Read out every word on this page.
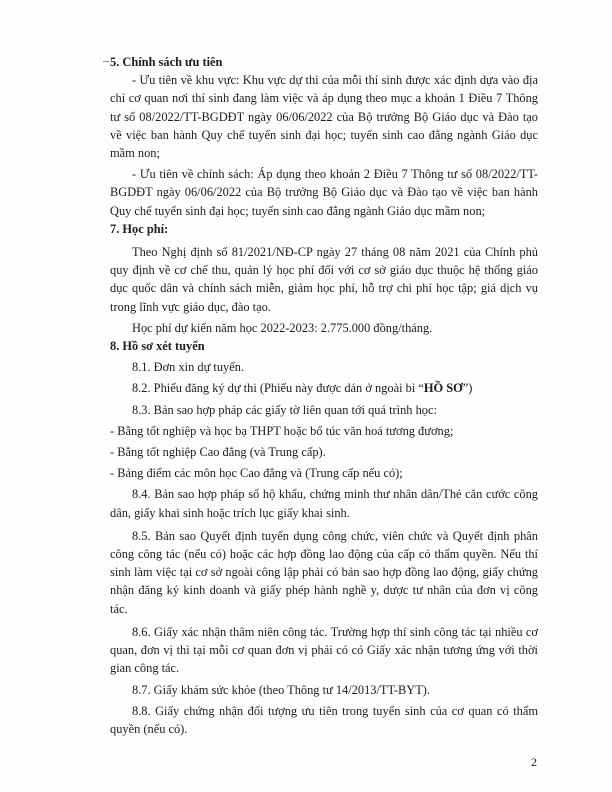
5. Chính sách ưu tiên

- Ưu tiên về khu vực: Khu vực dự thi của mỗi thí sinh được xác định dựa vào địa chỉ cơ quan nơi thí sinh đang làm việc và áp dụng theo mục a khoản 1 Điều 7 Thông tư số 08/2022/TT-BGDĐT ngày 06/06/2022 của Bộ trưởng Bộ Giáo dục và Đào tạo về việc ban hành Quy chế tuyển sinh đại học; tuyển sinh cao đẳng ngành Giáo dục mầm non;

- Ưu tiên về chính sách: Áp dụng theo khoản 2 Điều 7 Thông tư số 08/2022/TT-BGDĐT ngày 06/06/2022 của Bộ trưởng Bộ Giáo dục và Đào tạo về việc ban hành Quy chế tuyển sinh đại học; tuyển sinh cao đẳng ngành Giáo dục mầm non;

7. Học phí:

Theo Nghị định số 81/2021/NĐ-CP ngày 27 tháng 08 năm 2021 của Chính phủ quy định về cơ chế thu, quản lý học phí đối với cơ sở giáo dục thuộc hệ thống giáo dục quốc dân và chính sách miễn, giảm học phí, hỗ trợ chi phí học tập; giá dịch vụ trong lĩnh vực giáo dục, đào tạo.

Học phí dự kiến năm học 2022-2023: 2.775.000 đồng/tháng.

8. Hồ sơ xét tuyển

8.1. Đơn xin dự tuyển.

8.2. Phiếu đăng ký dự thi (Phiếu này được dán ở ngoài bì “HỒ SƠ”)

8.3. Bản sao hợp pháp các giấy tờ liên quan tới quá trình học:

- Bằng tốt nghiệp và học bạ THPT hoặc bổ túc văn hoá tương đương;

- Bằng tốt nghiệp Cao đẳng (và Trung cấp).

- Bảng điểm các môn học Cao đẳng và (Trung cấp nếu có);

8.4. Bản sao hợp pháp sổ hộ khẩu, chứng minh thư nhân dân/Thẻ căn cước công dân, giấy khai sinh hoặc trích lục giấy khai sinh.

8.5. Bản sao Quyết định tuyển dụng công chức, viên chức và Quyết định phân công công tác (nếu có) hoặc các hợp đồng lao động của cấp có thẩm quyền. Nếu thí sinh làm việc tại cơ sở ngoài công lập phải có bản sao hợp đồng lao động, giấy chứng nhận đăng ký kinh doanh và giấy phép hành nghề y, dược tư nhân của đơn vị công tác.

8.6. Giấy xác nhận thâm niên công tác. Trường hợp thí sinh công tác tại nhiều cơ quan, đơn vị thì tại mỗi cơ quan đơn vị phải có có Giấy xác nhận tương ứng với thời gian công tác.

8.7. Giấy khám sức khỏe (theo Thông tư 14/2013/TT-BYT).

8.8. Giấy chứng nhận đối tượng ưu tiên trong tuyển sinh của cơ quan có thẩm quyền (nếu có).

2
